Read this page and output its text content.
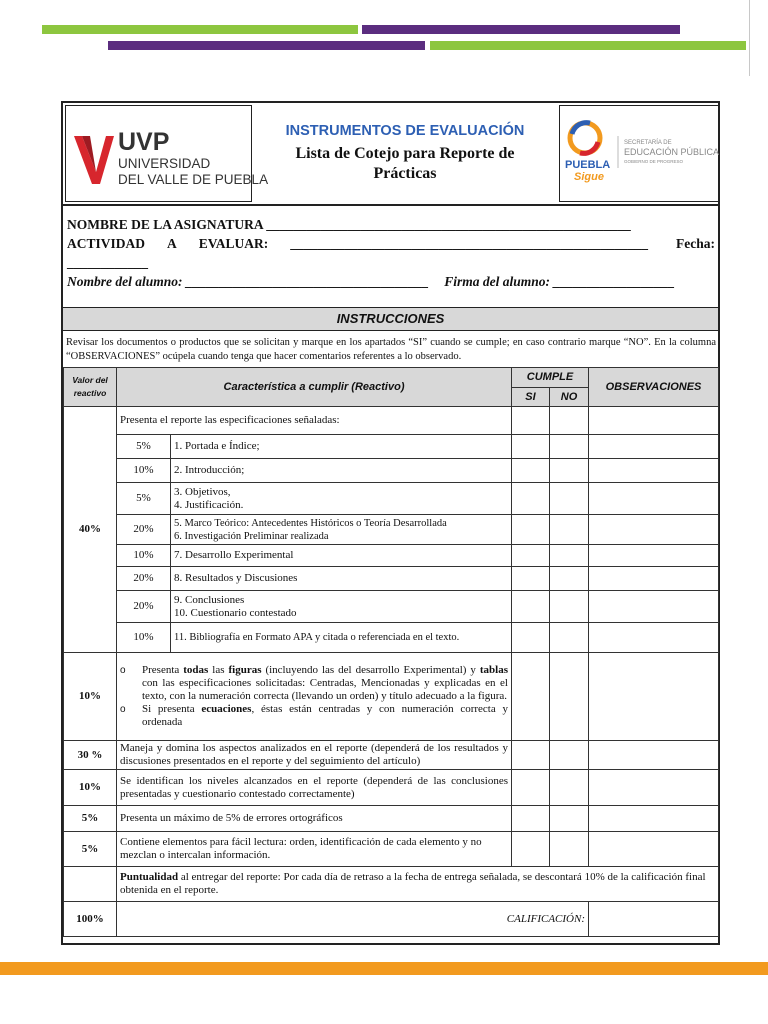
UVP
UNIVERSIDAD
DEL VALLE DE PUEBLA
INSTRUMENTOS DE EVALUACIÓN
Lista de Cotejo para Reporte de
Prácticas	PUEBLA
Sigue
SECRETARÍA DE
EDUCACIÓN PÚBLICA
GOBIERNO DE PROGRESO
NOMBRE DE LA ASIGNATURA ______________________________________________________
ACTIVIDAD A EVALUAR: _____________________________________________________ Fecha:
____________
Nombre del alumno: ____________________________________ Firma del alumno: __________________
INSTRUCCIONES
Revisar los documentos o productos que se solicitan y marque en los apartados “SI” cuando se cumple; en caso contrario marque “NO”. En la columna “OBSERVACIONES” ocúpela cuando tenga que hacer comentarios referentes a lo observado.
Valor del reactivo	Característica a cumplir (Reactivo)		CUMPLE		OBSERVACIONES
			SI	NO	
40%	Presenta el reporte las especificaciones señaladas:				
	5%	1. Portada e Índice;			

	10%	2. Introducción;			

	5%	3. Objetivos,
4. Justificación.			

	20%	5. Marco Teórico: Antecedentes Históricos o Teoría Desarrollada
6. Investigación Preliminar realizada			

	10%	7. Desarrollo Experimental			

	20%	8. Resultados y Discusiones			

	20%	9. Conclusiones
10. Cuestionario contestado			

	10%	11. Bibliografía en Formato APA y citada o referenciada en el texto.			

10%	o Presenta todas las figuras (incluyendo las del desarrollo Experimental) y tablas con las especificaciones solicitadas: Centradas, Mencionadas y explicadas en el texto, con la numeración correcta (llevando un orden) y título adecuado a la figura.
o Si presenta ecuaciones, éstas están centradas y con numeración correcta y ordenada

30 %	Maneja y domina los aspectos analizados en el reporte (dependerá de los resultados y discusiones presentados en el reporte y del seguimiento del artículo)				
10%	Se identifican los niveles alcanzados en el reporte (dependerá de las conclusiones presentadas y cuestionario contestado correctamente)				
5%	Presenta un máximo de 5% de errores ortográficos				
5%	Contiene elementos para fácil lectura: orden, identificación de cada elemento y no mezclan o intercalan información.				
	Puntualidad al entregar del reporte: Por cada día de retraso a la fecha de entrega señalada, se descontará 10% de la calificación final obtenida en el reporte.				
100%	CALIFICACIÓN:				
